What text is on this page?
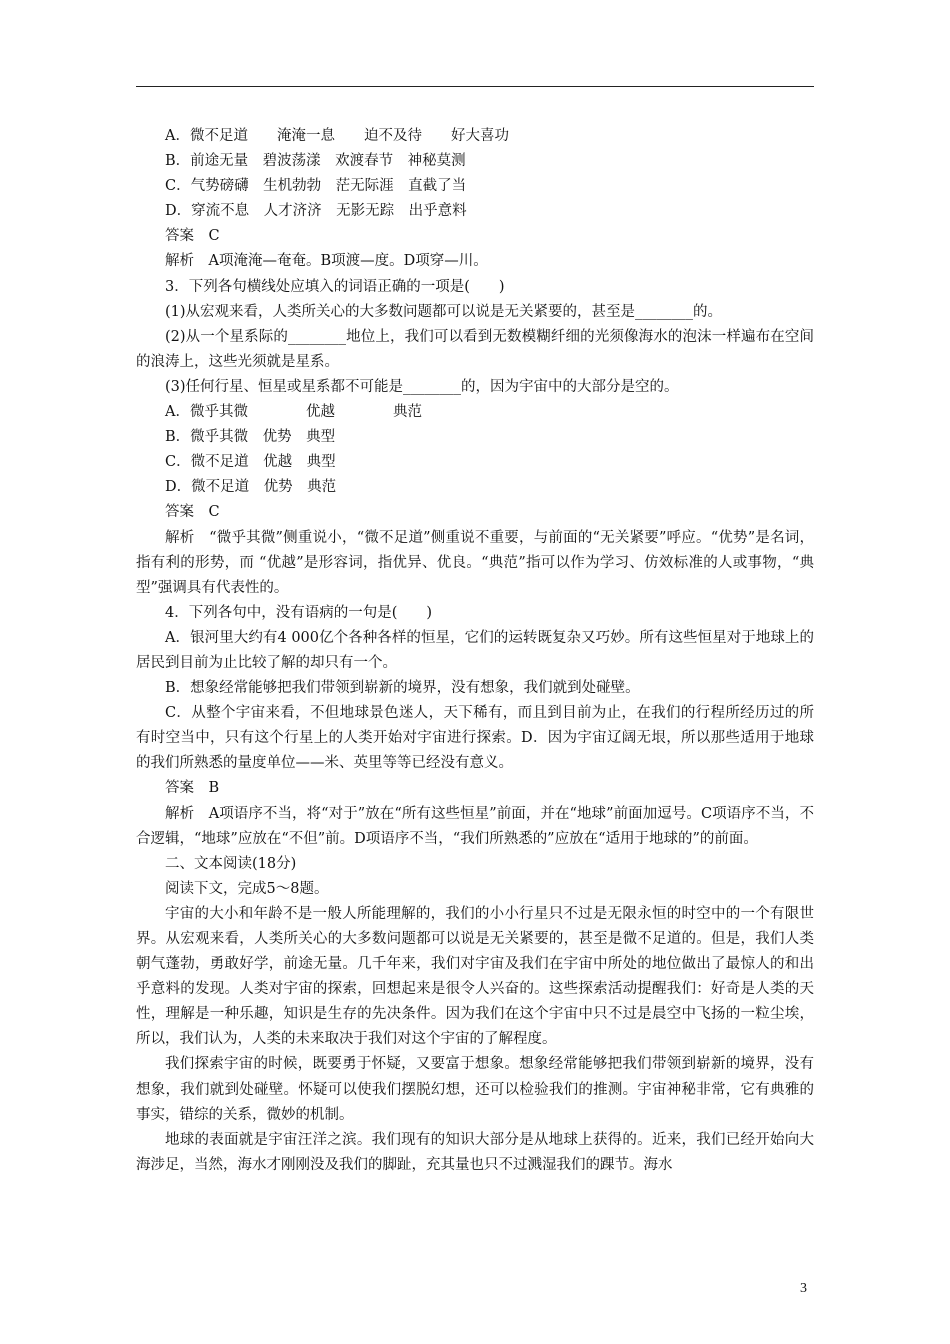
A．微不足道　　淹淹一息　　迫不及待　　好大喜功

B．前途无量　碧波荡漾　欢渡春节　神秘莫测

C．气势磅礴　生机勃勃　茫无际涯　直截了当

D．穿流不息　人才济济　无影无踪　出乎意料

答案　C

解析　A项淹淹—奄奄。B项渡—度。D项穿—川。

3．下列各句横线处应填入的词语正确的一项是(　　)

(1)从宏观来看，人类所关心的大多数问题都可以说是无关紧要的，甚至是________的。

(2)从一个星系际的________地位上，我们可以看到无数模糊纤细的光须像海水的泡沫一样遍布在空间的浪涛上，这些光须就是星系。

(3)任何行星、恒星或星系都不可能是________的，因为宇宙中的大部分是空的。

A．微乎其微　　　　优越　　　　典范

B．微乎其微　优势　典型

C．微不足道　优越　典型

D．微不足道　优势　典范

答案　C

解析　“微乎其微”侧重说小，“微不足道”侧重说不重要，与前面的“无关紧要”呼应。“优势”是名词，指有利的形势，而 “优越”是形容词，指优异、优良。“典范”指可以作为学习、仿效标准的人或事物，“典型”强调具有代表性的。

4．下列各句中，没有语病的一句是(　　)

A．银河里大约有4 000亿个各种各样的恒星，它们的运转既复杂又巧妙。所有这些恒星对于地球上的居民到目前为止比较了解的却只有一个。

B．想象经常能够把我们带领到崭新的境界，没有想象，我们就到处碰壁。

C．从整个宇宙来看，不但地球景色迷人，天下稀有，而且到目前为止，在我们的行程所经历过的所有时空当中，只有这个行星上的人类开始对宇宙进行探索。D．因为宇宙辽阔无垠，所以那些适用于地球的我们所熟悉的量度单位——米、英里等等已经没有意义。

答案　B

解析　A项语序不当，将“对于”放在“所有这些恒星”前面，并在“地球”前面加逗号。C项语序不当，不合逻辑，“地球”应放在“不但”前。D项语序不当，“我们所熟悉的”应放在“适用于地球的”的前面。

二、文本阅读(18分)

阅读下文，完成5～8题。

宇宙的大小和年龄不是一般人所能理解的，我们的小小行星只不过是无限永恒的时空中的一个有限世界。从宏观来看，人类所关心的大多数问题都可以说是无关紧要的，甚至是微不足道的。但是，我们人类朝气蓬勃，勇敢好学，前途无量。几千年来，我们对宇宙及我们在宇宙中所处的地位做出了最惊人的和出乎意料的发现。人类对宇宙的探索，回想起来是很令人兴奋的。这些探索活动提醒我们：好奇是人类的天性，理解是一种乐趣，知识是生存的先决条件。因为我们在这个宇宙中只不过是晨空中飞扬的一粒尘埃，所以，我们认为，人类的未来取决于我们对这个宇宙的了解程度。

我们探索宇宙的时候，既要勇于怀疑，又要富于想象。想象经常能够把我们带领到崭新的境界，没有想象，我们就到处碰壁。怀疑可以使我们摆脱幻想，还可以检验我们的推测。宇宙神秘非常，它有典雅的事实，错综的关系，微妙的机制。

地球的表面就是宇宙汪洋之滨。我们现有的知识大部分是从地球上获得的。近来，我们已经开始向大海涉足，当然，海水才刚刚没及我们的脚趾，充其量也只不过溅湿我们的踝节。海水

3
